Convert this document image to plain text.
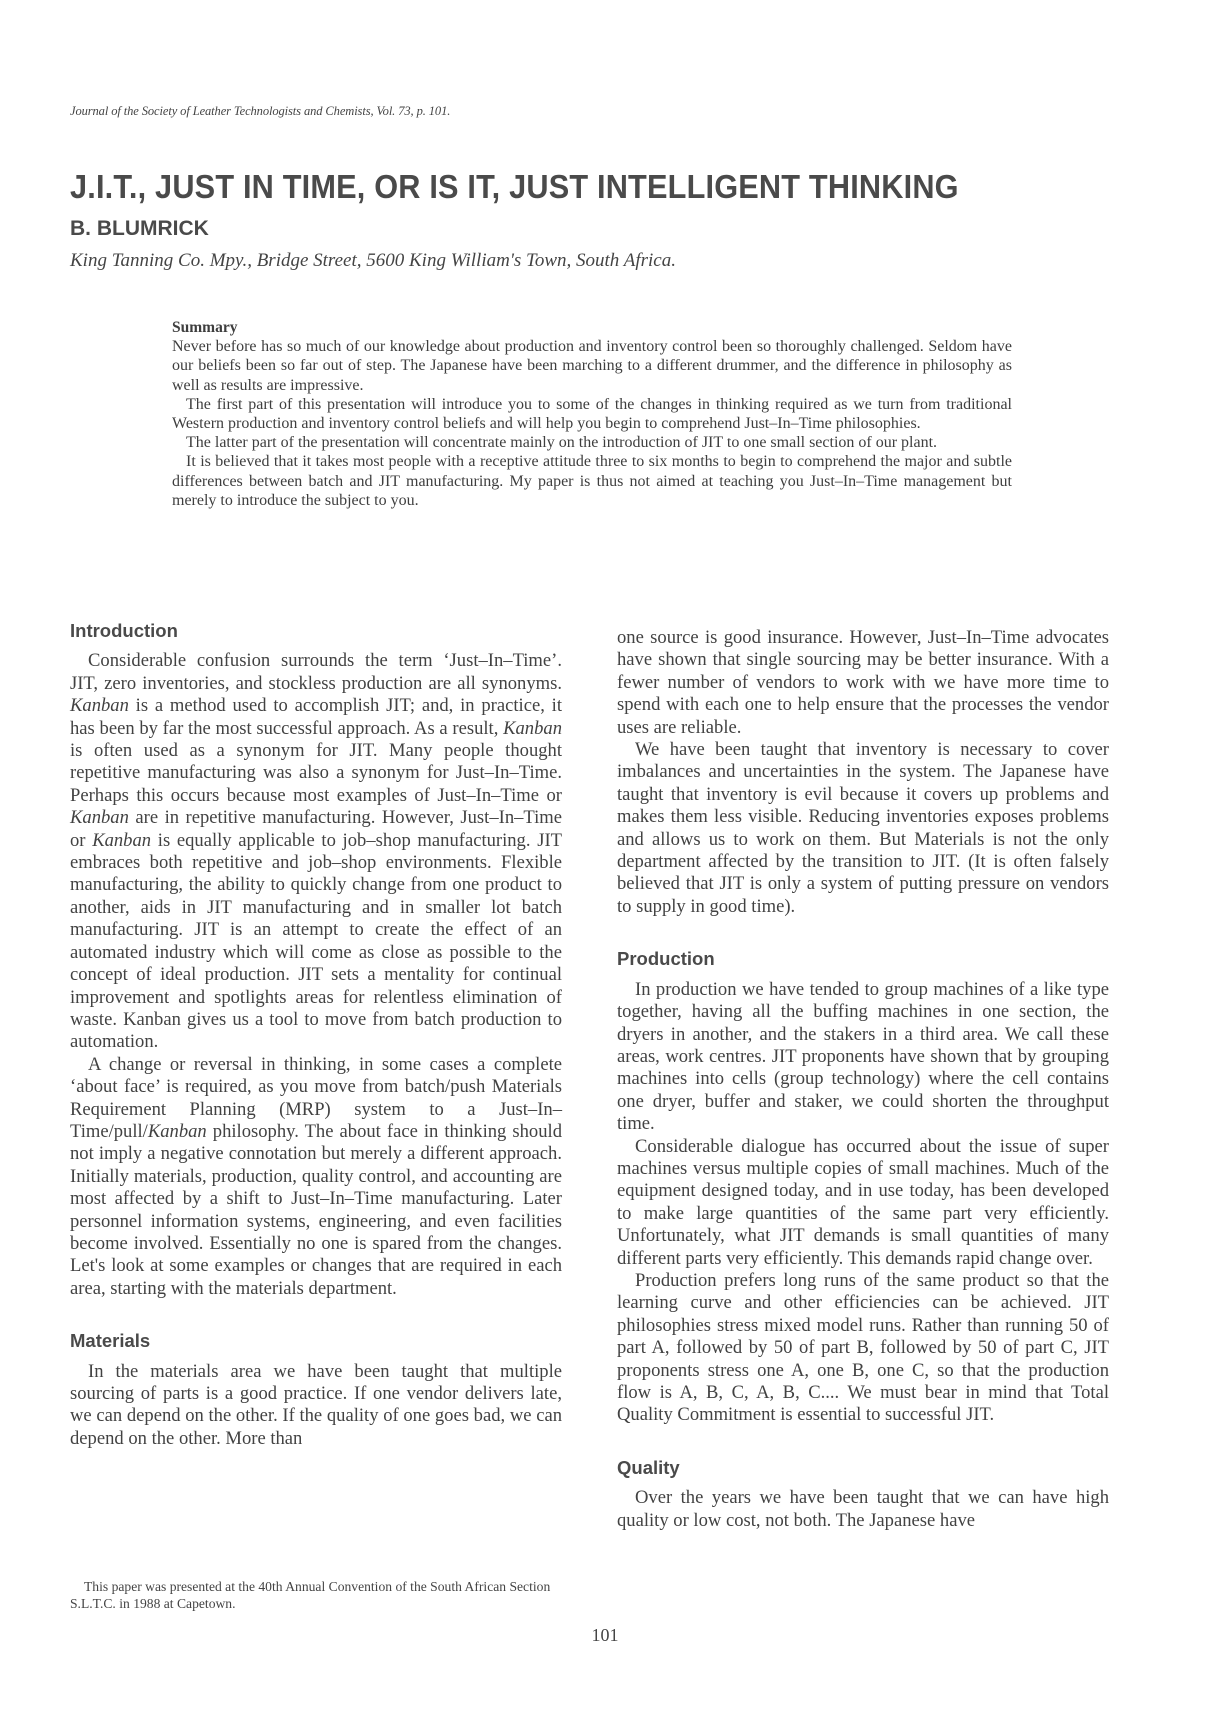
Journal of the Society of Leather Technologists and Chemists, Vol. 73, p. 101.
J.I.T., JUST IN TIME, OR IS IT, JUST INTELLIGENT THINKING
B. BLUMRICK
King Tanning Co. Mpy., Bridge Street, 5600 King William's Town, South Africa.
Summary

Never before has so much of our knowledge about production and inventory control been so thoroughly challenged. Seldom have our beliefs been so far out of step. The Japanese have been marching to a different drummer, and the difference in philosophy as well as results are impressive.

The first part of this presentation will introduce you to some of the changes in thinking required as we turn from traditional Western production and inventory control beliefs and will help you begin to comprehend Just–In–Time philosophies.

The latter part of the presentation will concentrate mainly on the introduction of JIT to one small section of our plant.

It is believed that it takes most people with a receptive attitude three to six months to begin to comprehend the major and subtle differences between batch and JIT manufacturing. My paper is thus not aimed at teaching you Just–In–Time management but merely to introduce the subject to you.

Introduction

Considerable confusion surrounds the term ‘Just–In–Time’. JIT, zero inventories, and stockless production are all synonyms. Kanban is a method used to accomplish JIT; and, in practice, it has been by far the most successful approach. As a result, Kanban is often used as a synonym for JIT. Many people thought repetitive manufacturing was also a synonym for Just–In–Time. Perhaps this occurs because most examples of Just–In–Time or Kanban are in repetitive manufacturing. However, Just–In–Time or Kanban is equally applicable to job–shop manufacturing. JIT embraces both repetitive and job–shop environments. Flexible manufacturing, the ability to quickly change from one product to another, aids in JIT manufacturing and in smaller lot batch manufacturing. JIT is an attempt to create the effect of an automated industry which will come as close as possible to the concept of ideal production. JIT sets a mentality for continual improvement and spotlights areas for relentless elimination of waste. Kanban gives us a tool to move from batch production to automation.

A change or reversal in thinking, in some cases a complete ‘about face’ is required, as you move from batch/push Materials Requirement Planning (MRP) system to a Just–In–Time/pull/Kanban philosophy. The about face in thinking should not imply a negative connotation but merely a different approach. Initially materials, production, quality control, and accounting are most affected by a shift to Just–In–Time manufacturing. Later personnel information systems, engineering, and even facilities become involved. Essentially no one is spared from the changes. Let's look at some examples or changes that are required in each area, starting with the materials department.

Materials

In the materials area we have been taught that multiple sourcing of parts is a good practice. If one vendor delivers late, we can depend on the other. If the quality of one goes bad, we can depend on the other. More than

one source is good insurance. However, Just–In–Time advocates have shown that single sourcing may be better insurance. With a fewer number of vendors to work with we have more time to spend with each one to help ensure that the processes the vendor uses are reliable.

We have been taught that inventory is necessary to cover imbalances and uncertainties in the system. The Japanese have taught that inventory is evil because it covers up problems and makes them less visible. Reducing inventories exposes problems and allows us to work on them. But Materials is not the only department affected by the transition to JIT. (It is often falsely believed that JIT is only a system of putting pressure on vendors to supply in good time).

Production

In production we have tended to group machines of a like type together, having all the buffing machines in one section, the dryers in another, and the stakers in a third area. We call these areas, work centres. JIT proponents have shown that by grouping machines into cells (group technology) where the cell contains one dryer, buffer and staker, we could shorten the throughput time.

Considerable dialogue has occurred about the issue of super machines versus multiple copies of small machines. Much of the equipment designed today, and in use today, has been developed to make large quantities of the same part very efficiently. Unfortunately, what JIT demands is small quantities of many different parts very efficiently. This demands rapid change over.

Production prefers long runs of the same product so that the learning curve and other efficiencies can be achieved. JIT philosophies stress mixed model runs. Rather than running 50 of part A, followed by 50 of part B, followed by 50 of part C, JIT proponents stress one A, one B, one C, so that the production flow is A, B, C, A, B, C.... We must bear in mind that Total Quality Commitment is essential to successful JIT.

Quality

Over the years we have been taught that we can have high quality or low cost, not both. The Japanese have

This paper was presented at the 40th Annual Convention of the South African Section S.L.T.C. in 1988 at Capetown.

101
